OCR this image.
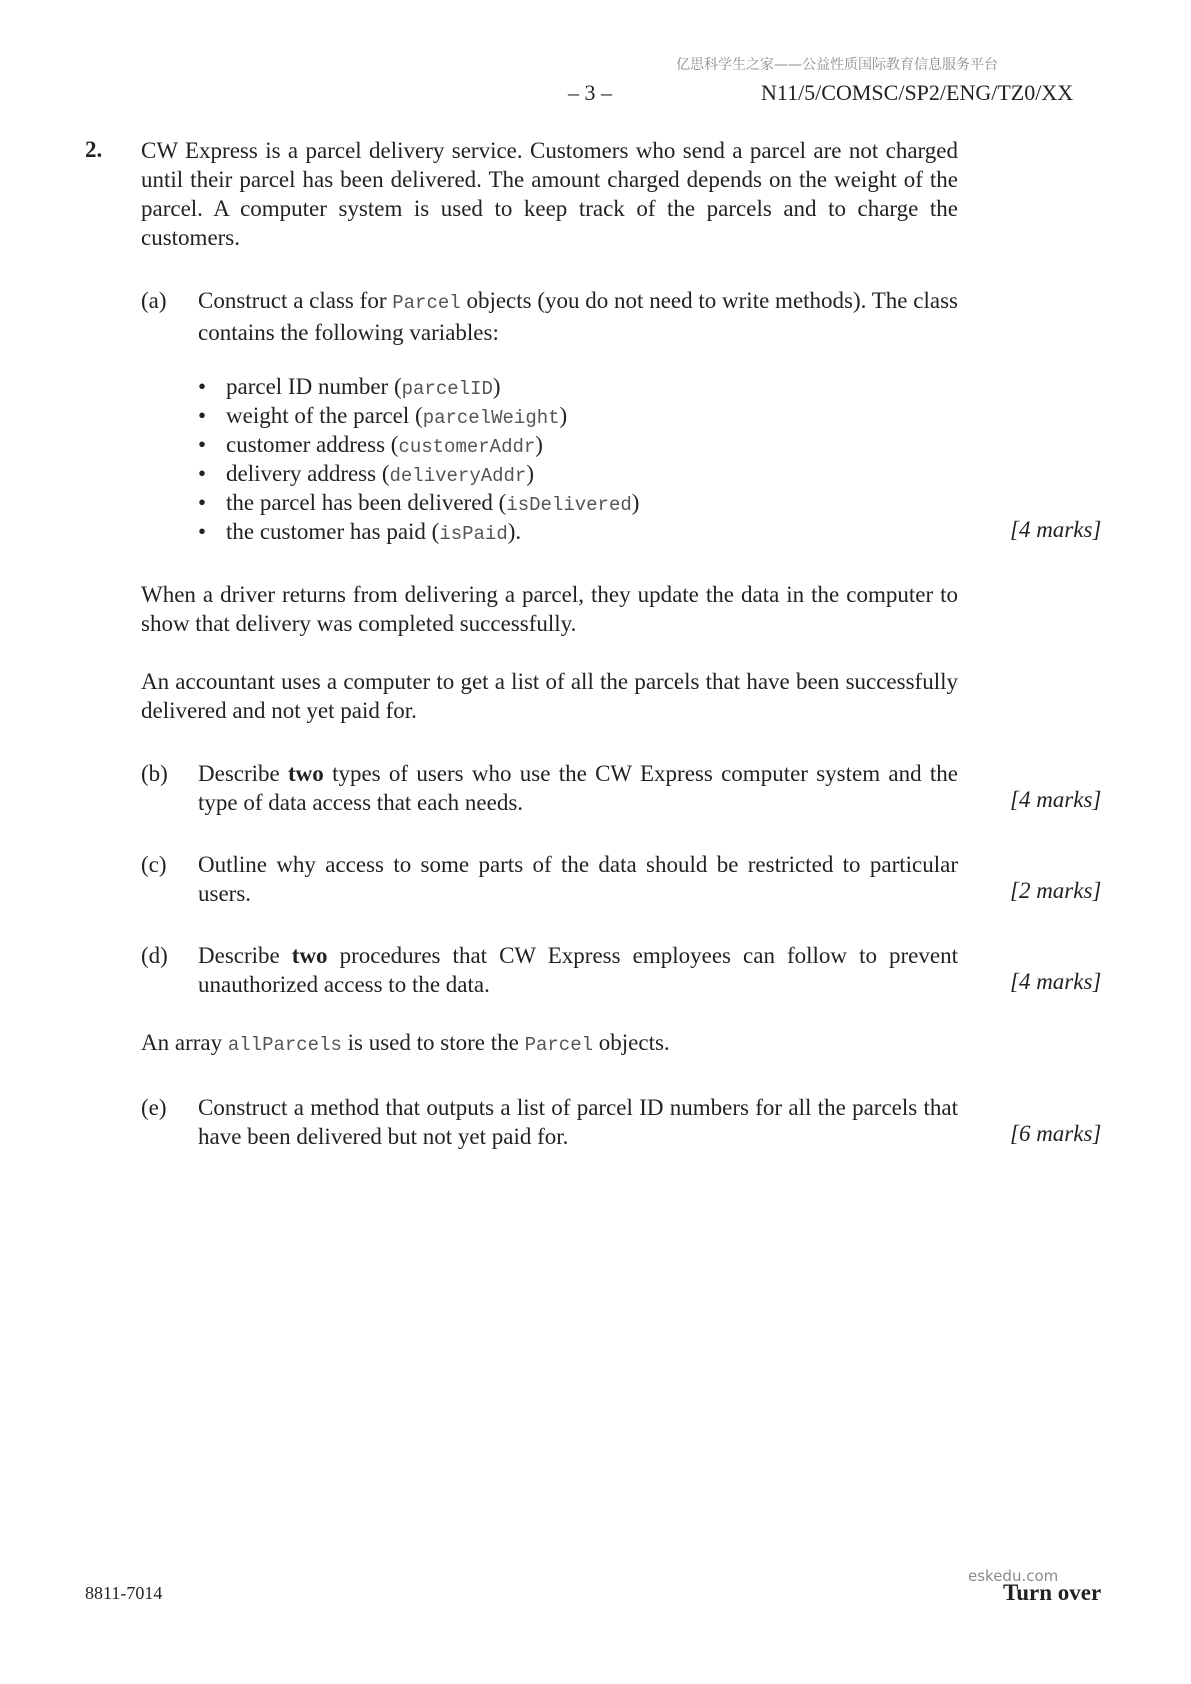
亿思科学生之家——公益性质国际教育信息服务平台
– 3 –	N11/5/COMSC/SP2/ENG/TZ0/XX
2. CW Express is a parcel delivery service. Customers who send a parcel are not charged until their parcel has been delivered. The amount charged depends on the weight of the parcel. A computer system is used to keep track of the parcels and to charge the customers.
(a) Construct a class for Parcel objects (you do not need to write methods). The class contains the following variables:
• parcel ID number (parcelID)
• weight of the parcel (parcelWeight)
• customer address (customerAddr)
• delivery address (deliveryAddr)
• the parcel has been delivered (isDelivered)
• the customer has paid (isPaid).	[4 marks]
When a driver returns from delivering a parcel, they update the data in the computer to show that delivery was completed successfully.
An accountant uses a computer to get a list of all the parcels that have been successfully delivered and not yet paid for.
(b) Describe two types of users who use the CW Express computer system and the type of data access that each needs.	[4 marks]
(c) Outline why access to some parts of the data should be restricted to particular users.	[2 marks]
(d) Describe two procedures that CW Express employees can follow to prevent unauthorized access to the data.	[4 marks]
An array allParcels is used to store the Parcel objects.
(e) Construct a method that outputs a list of parcel ID numbers for all the parcels that have been delivered but not yet paid for.	[6 marks]
8811-7014
eskedu.com
Turn over
